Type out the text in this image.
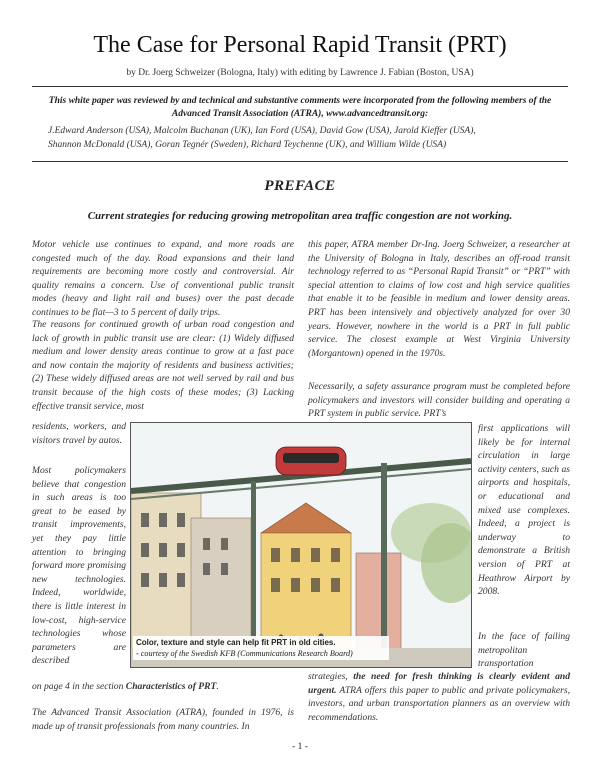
The Case for Personal Rapid Transit (PRT)
by Dr. Joerg Schweizer (Bologna, Italy) with editing by Lawrence J. Fabian (Boston, USA)
This white paper was reviewed by and technical and substantive comments were incorporated from the following members of the Advanced Transit Association (ATRA), www.advancedtransit.org:
J.Edward Anderson (USA), Malcolm Buchanan (UK), Ian Ford (USA), David Gow (USA), Jarold Kieffer (USA),
Shannon McDonald (USA), Goran Tegnér (Sweden), Richard Teychenne (UK), and William Wilde (USA)
PREFACE
Current strategies for reducing growing metropolitan area traffic congestion are not working.
Motor vehicle use continues to expand, and more roads are congested much of the day. Road expansions and their land requirements are becoming more costly and controversial. Air quality remains a concern. Use of conventional public transit modes (heavy and light rail and buses) over the past decade continues to be flat—3 to 5 percent of daily trips.
The reasons for continued growth of urban road congestion and lack of growth in public transit use are clear: (1) Widely diffused medium and lower density areas continue to grow at a fast pace and now contain the majority of residents and business activities; (2) These widely diffused areas are not well served by rail and bus transit because of the high costs of these modes; (3) Lacking effective transit service, most
residents, workers, and visitors travel by autos.
Most policymakers believe that congestion in such areas is too great to be eased by transit improvements, yet they pay little attention to bringing forward more promising new technologies. Indeed, worldwide, there is little interest in low-cost, high-service technologies whose parameters are described
on page 4 in the section Characteristics of PRT.
The Advanced Transit Association (ATRA), founded in 1976, is made up of transit professionals from many countries. In
this paper, ATRA member Dr-Ing. Joerg Schweizer, a researcher at the University of Bologna in Italy, describes an off-road transit technology referred to as “Personal Rapid Transit” or “PRT” with special attention to claims of low cost and high service qualities that enable it to be feasible in medium and lower density areas. PRT has been intensively and objectively analyzed for over 30 years. However, nowhere in the world is a PRT in full public service. The closest example at West Virginia University (Morgantown) opened in the 1970s.
Necessarily, a safety assurance program must be completed before policymakers and investors will consider building and operating a PRT system in public service. PRT’s
first applications will likely be for internal circulation in large activity centers, such as airports and hospitals, or educational and mixed use complexes. Indeed, a project is underway to demonstrate a British version of PRT at Heathrow Airport by 2008.
In the face of failing metropolitan transportation
strategies, the need for fresh thinking is clearly evident and urgent. ATRA offers this paper to public and private policymakers, investors, and urban transportation planners as an overview with recommendations.
Color, texture and style can help fit PRT in old cities.
- courtesy of the Swedish KFB (Communications Research Board)
- 1 -
